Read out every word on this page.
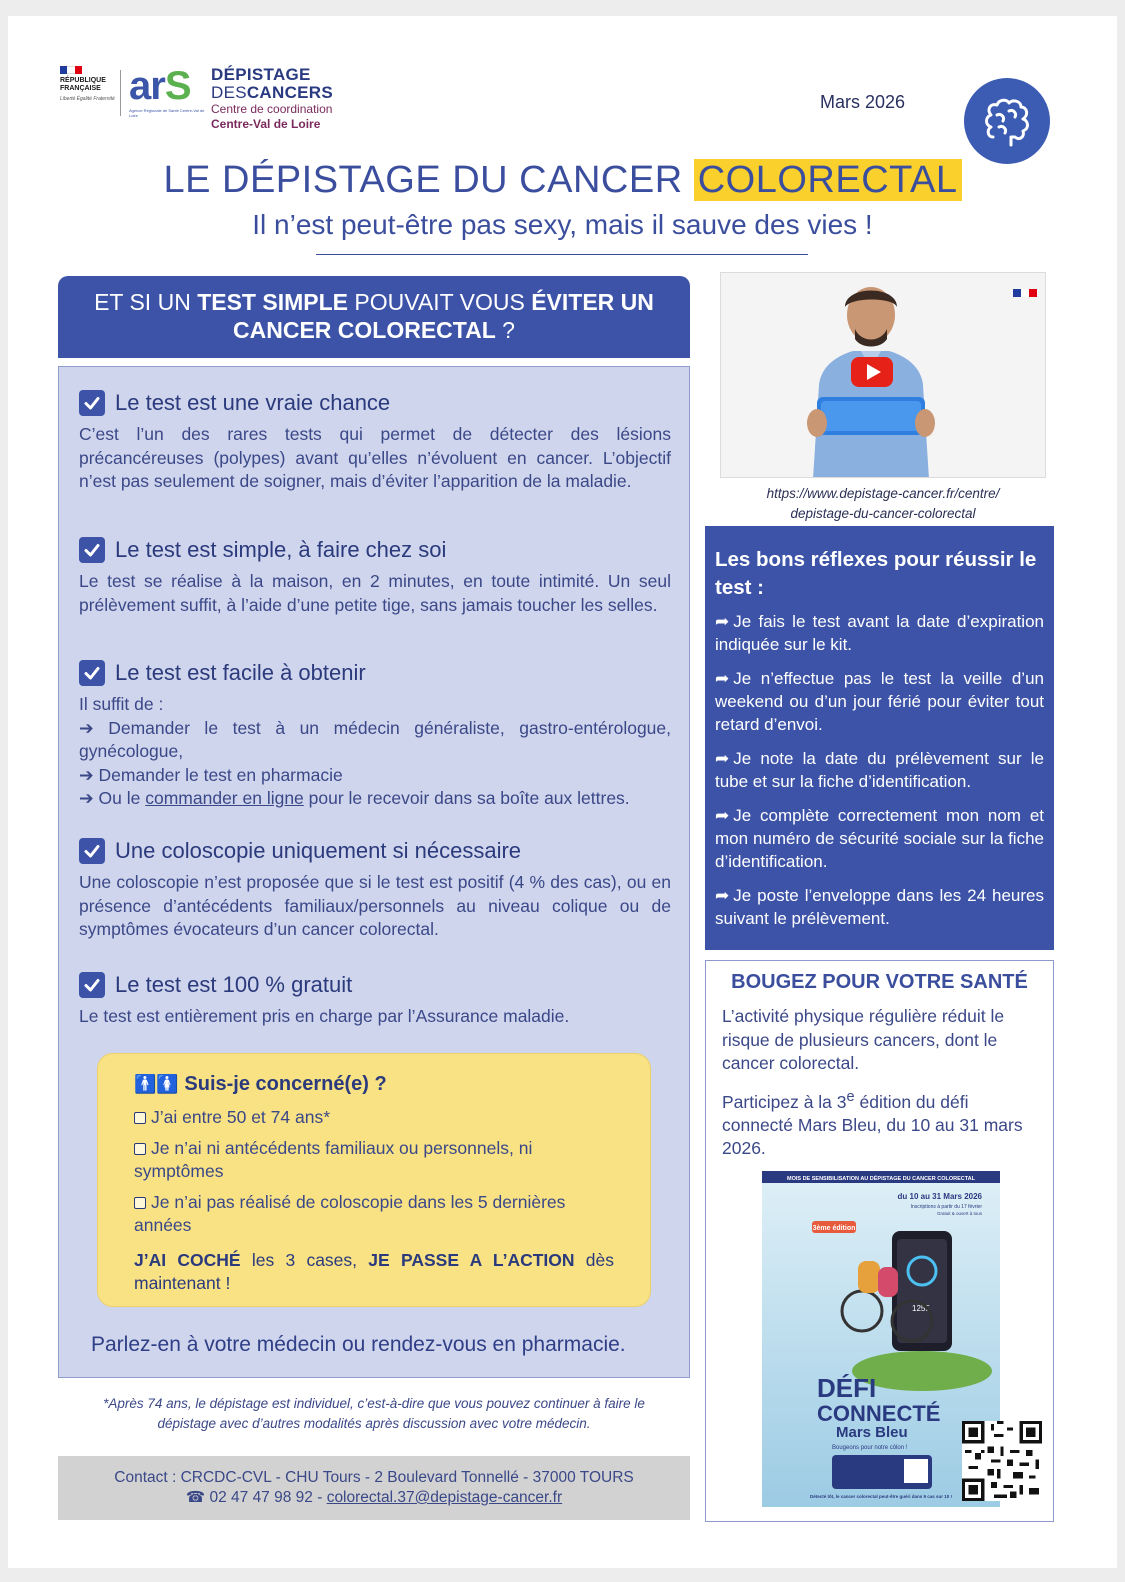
RÉPUBLIQUE
FRANÇAISE
Liberté Égalité Fraternité arS
Agence Régionale de Santé Centre-Val de Loire
DÉPISTAGE
DESCANCERS
Centre de coordination
Centre-Val de Loire
Mars 2026
LE DÉPISTAGE DU CANCER COLORECTAL
Il n’est peut-être pas sexy, mais il sauve des vies !
ET SI UN TEST SIMPLE POUVAIT VOUS ÉVITER UN
CANCER COLORECTAL ?
Le test est une vraie chance
C’est l’un des rares tests qui permet de détecter des lésions précancéreuses (polypes) avant qu’elles n’évoluent en cancer. L’objectif n’est pas seulement de soigner, mais d’éviter l’apparition de la maladie.
Le test est simple, à faire chez soi
Le test se réalise à la maison, en 2 minutes, en toute intimité. Un seul prélèvement suffit, à l’aide d’une petite tige, sans jamais toucher les selles.
Le test est facile à obtenir
Il suffit de :
➔ Demander le test à un médecin généraliste, gastro-entérologue, gynécologue,
➔ Demander le test en pharmacie
➔ Ou le commander en ligne pour le recevoir dans sa boîte aux lettres.
Une coloscopie uniquement si nécessaire
Une coloscopie n’est proposée que si le test est positif (4 % des cas), ou en présence d’antécédents familiaux/personnels au niveau colique ou de symptômes évocateurs d’un cancer colorectal.
Le test est 100 % gratuit
Le test est entièrement pris en charge par l’Assurance maladie.
🚹🚺 Suis-je concerné(e) ?
J’ai entre 50 et 74 ans*
Je n’ai ni antécédents familiaux ou personnels, ni symptômes
Je n’ai pas réalisé de coloscopie dans les 5 dernières années
J’AI COCHÉ les 3 cases, JE PASSE A L’ACTION dès maintenant !
Parlez-en à votre médecin ou rendez-vous en pharmacie.
*Après 74 ans, le dépistage est individuel, c’est-à-dire que vous pouvez continuer à faire le dépistage avec d’autres modalités après discussion avec votre médecin.
Contact : CRCDC-CVL - CHU Tours - 2 Boulevard Tonnellé - 37000 TOURS
☎ 02 47 47 98 92 - colorectal.37@depistage-cancer.fr
https://www.depistage-cancer.fr/centre/
depistage-du-cancer-colorectal
Les bons réflexes pour réussir le test :
➦ Je fais le test avant la date d’expiration indiquée sur le kit.
➦ Je n’effectue pas le test la veille d’un weekend ou d’un jour férié pour éviter tout retard d’envoi.
➦ Je note la date du prélèvement sur le tube et sur la fiche d’identification.
➦ Je complète correctement mon nom et mon numéro de sécurité sociale sur la fiche d’identification.
➦ Je poste l’enveloppe dans les 24 heures suivant le prélèvement.
BOUGEZ POUR VOTRE SANTÉ

L’activité physique régulière réduit le risque de plusieurs cancers, dont le cancer colorectal.

Participez à la 3e édition du défi connecté Mars Bleu, du 10 au 31 mars 2026.

MOIS DE SENSIBILISATION AU DÉPISTAGE DU CANCER COLORECTAL
du 10 au 31 Mars 2026
Inscriptions à partir du 17 février
Gratuit & ouvert à tous
3ème édition
1255
DÉFI
CONNECTÉ
Mars Bleu
Bougeons pour notre côlon !
Détecté tôt, le cancer colorectal peut-être guéri dans 9 cas sur 10 !
